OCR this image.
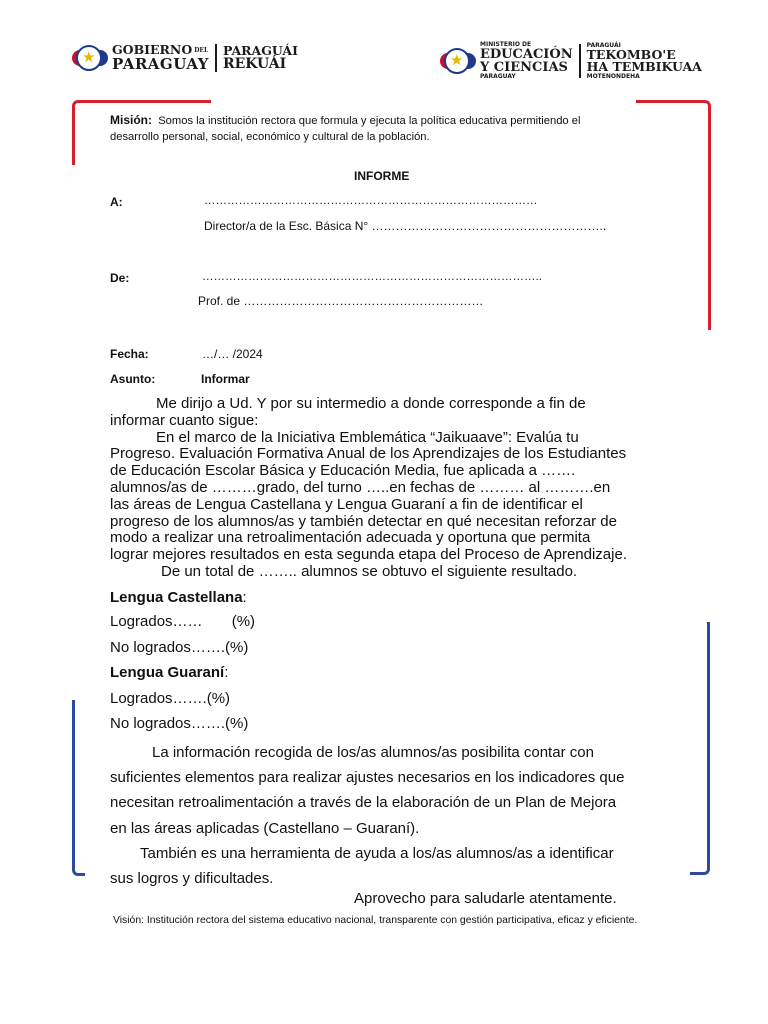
★ GOBIERNO DEL
PARAGUAY
PARAGUÁI
REKUÁI	★
MINISTERIO DE
EDUCACIÓN
Y CIENCIAS
PARAGUAY
PARAGUÁI
TEKOMBO'E
HA TEMBIKUAA
MOTENONDEHA
Misión: Somos la institución rectora que formula y ejecuta la política educativa permitiendo el
desarrollo personal, social, económico y cultural de la población.
INFORME
A:	……………………………………………………………………………
Director/a de la Esc. Básica N° …………………………………………………..
De:	……………………………………………………………………………..
Prof. de ……………………………………………………
Fecha:	…/… /2024
Asunto:	Informar
Me dirijo a Ud. Y por su intermedio a donde corresponde a fin de
informar cuanto sigue:
En el marco de la Iniciativa Emblemática “Jaikuaave”: Evalúa tu
Progreso. Evaluación Formativa Anual de los Aprendizajes de los Estudiantes
de Educación Escolar Básica y Educación Media, fue aplicada a …….
alumnos/as de ………grado, del turno …..en fechas de ……… al ……….en
las áreas de Lengua Castellana y Lengua Guaraní a fin de identificar el
progreso de los alumnos/as y también detectar en qué necesitan reforzar de
modo a realizar una retroalimentación adecuada y oportuna que permita
lograr mejores resultados en esta segunda etapa del Proceso de Aprendizaje.
De un total de …….. alumnos se obtuvo el siguiente resultado.
Lengua Castellana:
Logrados……       (%)
No logrados…….(%)
Lengua Guaraní:
Logrados…….(%)
No logrados…….(%)
La información recogida de los/as alumnos/as posibilita contar con
suficientes elementos para realizar ajustes necesarios en los indicadores que
necesitan retroalimentación a través de la elaboración de un Plan de Mejora
en las áreas aplicadas (Castellano – Guaraní).
También es una herramienta de ayuda a los/as alumnos/as a identificar
sus logros y dificultades.
Aprovecho para saludarle atentamente.
Visión: Institución rectora del sistema educativo nacional, transparente con gestión participativa, eficaz y eficiente.
